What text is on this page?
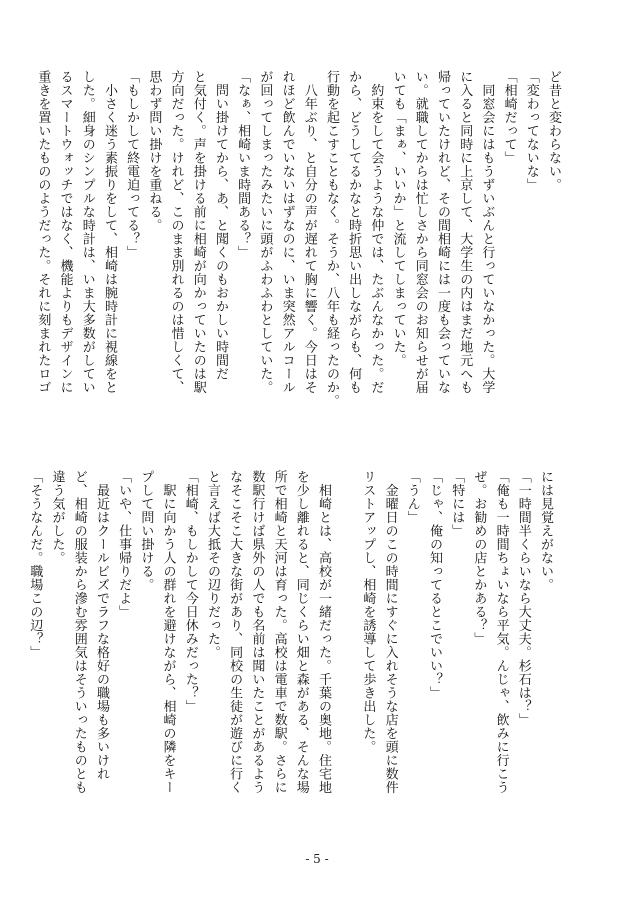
ど昔と変わらない。
「変わってないな」
「相崎だって」
　同窓会にはもうずいぶんと行っていなかった。大学
に入ると同時に上京して、大学生の内はまだ地元へも
帰っていたけれど、その間相崎には一度も会っていな
い。就職してからは忙しさから同窓会のお知らせが届
いても「まぁ、いいか」と流してしまっていた。
　約束をして会うような仲では、たぶんなかった。だ
から、どうしてるかなと時折思い出しながらも、何も
行動を起こすこともなく。そうか、八年も経ったのか。
　八年ぶり、と自分の声が遅れて胸に響く。今日はそ
れほど飲んでいないはずなのに、いま突然アルコール
が回ってしまったみたいに頭がふわふわとしていた。
「なぁ、相崎いま時間ある？」
　問い掛けてから、あ、と聞くのもおかしい時間だ
と気付く。声を掛ける前に相崎が向かっていたのは駅
方向だった。けれど、このまま別れるのは惜しくて、
思わず問い掛けを重ねる。
「もしかして終電迫ってる？」
　小さく迷う素振りをして、相崎は腕時計に視線をと
した。細身のシンプルな時計は、いま大多数がしてい
るスマートウォッチではなく、機能よりもデザインに
重きを置いたもののようだった。それに刻まれたロゴ
には見覚えがない。
「一時間半くらいなら大丈夫。杉石は？」
「俺も一時間ちょいなら平気。んじゃ、飲みに行こう
ぜ。お勧めの店とかある？」
「特には」
「じゃ、俺の知ってるとこでいい？」
「うん」
　金曜日のこの時間にすぐに入れそうな店を頭に数件
リストアップし、相崎を誘導して歩き出した。

　相崎とは、高校が一緒だった。千葉の奥地。住宅地
を少し離れると、同じくらい畑と森がある、そんな場
所で相崎と天河は育った。高校は電車で数駅。さらに
数駅行けば県外の人でも名前は聞いたことがあるよう
なそこそこ大きな街があり、同校の生徒が遊びに行く
と言えば大抵その辺りだった。
「相崎、もしかして今日休みだった？」
　駅に向かう人の群れを避けながら、相崎の隣をキー
プして問い掛ける。
「いや、仕事帰りだよ」
　最近はクールビズでラフな格好の職場も多いけれ
ど、相崎の服装から滲む雰囲気はそういったものとも
違う気がした。
「そうなんだ。職場この辺？」
- 5 -
